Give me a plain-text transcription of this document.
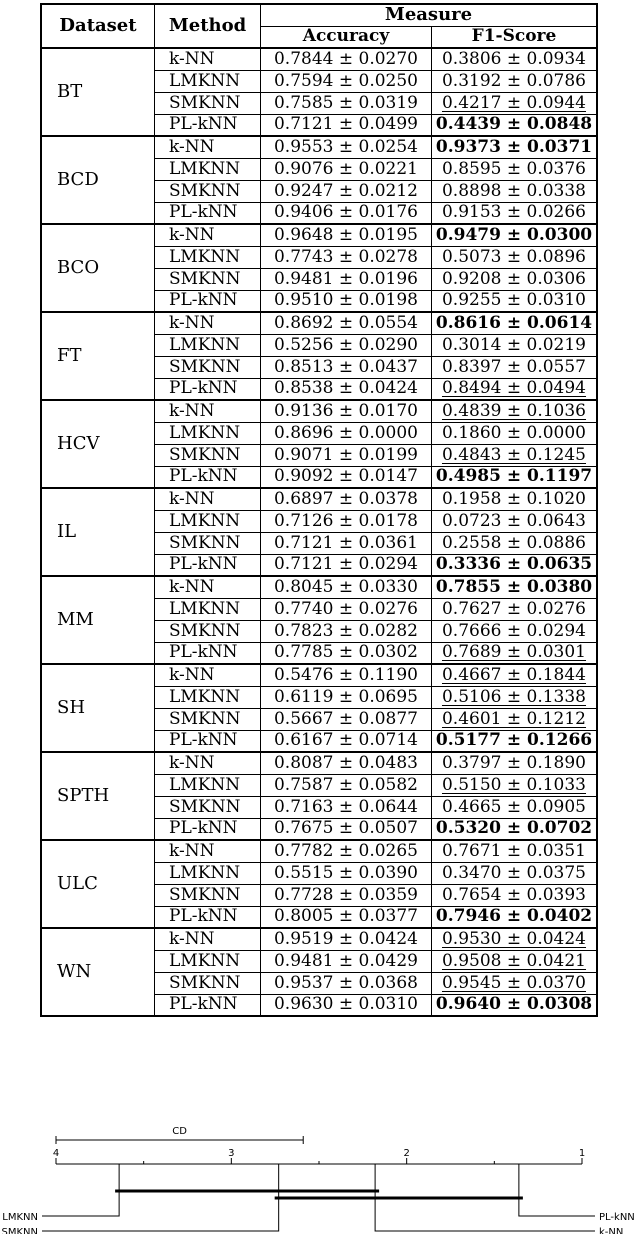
Dataset	Method	Measure	
		Accuracy	F1-Score
BT	k-NN	0.7844 ± 0.0270	0.3806 ± 0.0934
	LMKNN	0.7594 ± 0.0250	0.3192 ± 0.0786
	SMKNN	0.7585 ± 0.0319	0.4217 ± 0.0944
	PL-kNN	0.7121 ± 0.0499	0.4439 ± 0.0848
BCD	k-NN	0.9553 ± 0.0254	0.9373 ± 0.0371
	LMKNN	0.9076 ± 0.0221	0.8595 ± 0.0376
	SMKNN	0.9247 ± 0.0212	0.8898 ± 0.0338
	PL-kNN	0.9406 ± 0.0176	0.9153 ± 0.0266
BCO	k-NN	0.9648 ± 0.0195	0.9479 ± 0.0300
	LMKNN	0.7743 ± 0.0278	0.5073 ± 0.0896
	SMKNN	0.9481 ± 0.0196	0.9208 ± 0.0306
	PL-kNN	0.9510 ± 0.0198	0.9255 ± 0.0310
FT	k-NN	0.8692 ± 0.0554	0.8616 ± 0.0614
	LMKNN	0.5256 ± 0.0290	0.3014 ± 0.0219
	SMKNN	0.8513 ± 0.0437	0.8397 ± 0.0557
	PL-kNN	0.8538 ± 0.0424	0.8494 ± 0.0494
HCV	k-NN	0.9136 ± 0.0170	0.4839 ± 0.1036
	LMKNN	0.8696 ± 0.0000	0.1860 ± 0.0000
	SMKNN	0.9071 ± 0.0199	0.4843 ± 0.1245
	PL-kNN	0.9092 ± 0.0147	0.4985 ± 0.1197
IL	k-NN	0.6897 ± 0.0378	0.1958 ± 0.1020
	LMKNN	0.7126 ± 0.0178	0.0723 ± 0.0643
	SMKNN	0.7121 ± 0.0361	0.2558 ± 0.0886
	PL-kNN	0.7121 ± 0.0294	0.3336 ± 0.0635
MM	k-NN	0.8045 ± 0.0330	0.7855 ± 0.0380
	LMKNN	0.7740 ± 0.0276	0.7627 ± 0.0276
	SMKNN	0.7823 ± 0.0282	0.7666 ± 0.0294
	PL-kNN	0.7785 ± 0.0302	0.7689 ± 0.0301
SH	k-NN	0.5476 ± 0.1190	0.4667 ± 0.1844
	LMKNN	0.6119 ± 0.0695	0.5106 ± 0.1338
	SMKNN	0.5667 ± 0.0877	0.4601 ± 0.1212
	PL-kNN	0.6167 ± 0.0714	0.5177 ± 0.1266
SPTH	k-NN	0.8087 ± 0.0483	0.3797 ± 0.1890
	LMKNN	0.7587 ± 0.0582	0.5150 ± 0.1033
	SMKNN	0.7163 ± 0.0644	0.4665 ± 0.0905
	PL-kNN	0.7675 ± 0.0507	0.5320 ± 0.0702
ULC	k-NN	0.7782 ± 0.0265	0.7671 ± 0.0351
	LMKNN	0.5515 ± 0.0390	0.3470 ± 0.0375
	SMKNN	0.7728 ± 0.0359	0.7654 ± 0.0393
	PL-kNN	0.8005 ± 0.0377	0.7946 ± 0.0402
WN	k-NN	0.9519 ± 0.0424	0.9530 ± 0.0424
	LMKNN	0.9481 ± 0.0429	0.9508 ± 0.0421
	SMKNN	0.9537 ± 0.0368	0.9545 ± 0.0370
	PL-kNN	0.9630 ± 0.0310	0.9640 ± 0.0308
CD
4	3	2	1
LMKNN
SMKNN
PL-kNN
k-NN
